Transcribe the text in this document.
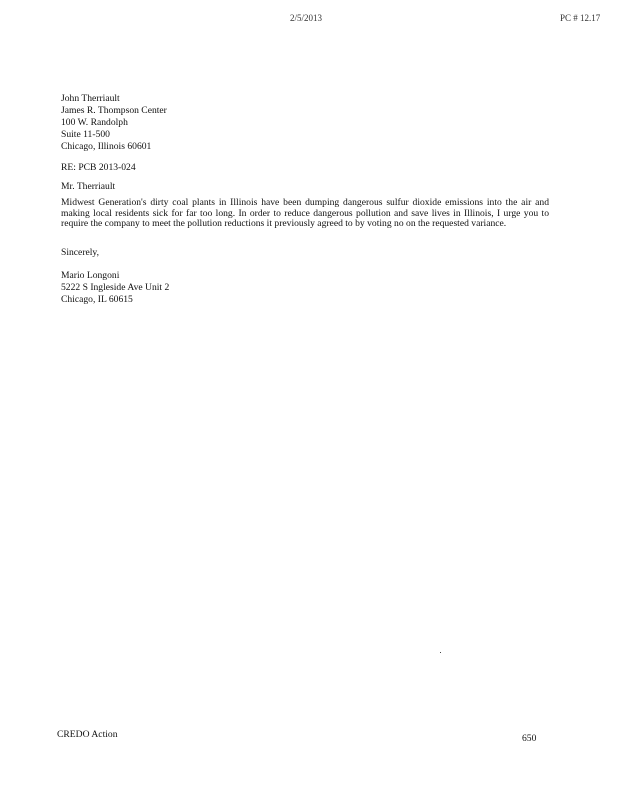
2/5/2013	PC # 12.17
John Therriault
James R. Thompson Center
100 W. Randolph
Suite 11-500
Chicago, Illinois 60601
RE: PCB 2013-024
Mr. Therriault
Midwest Generation's dirty coal plants in Illinois have been dumping dangerous sulfur dioxide emissions into the air and making local residents sick for far too long. In order to reduce dangerous pollution and save lives in Illinois, I urge you to require the company to meet the pollution reductions it previously agreed to by voting no on the requested variance.
Sincerely,
Mario Longoni
5222 S Ingleside Ave Unit 2
Chicago, IL 60615
CREDO Action	650
